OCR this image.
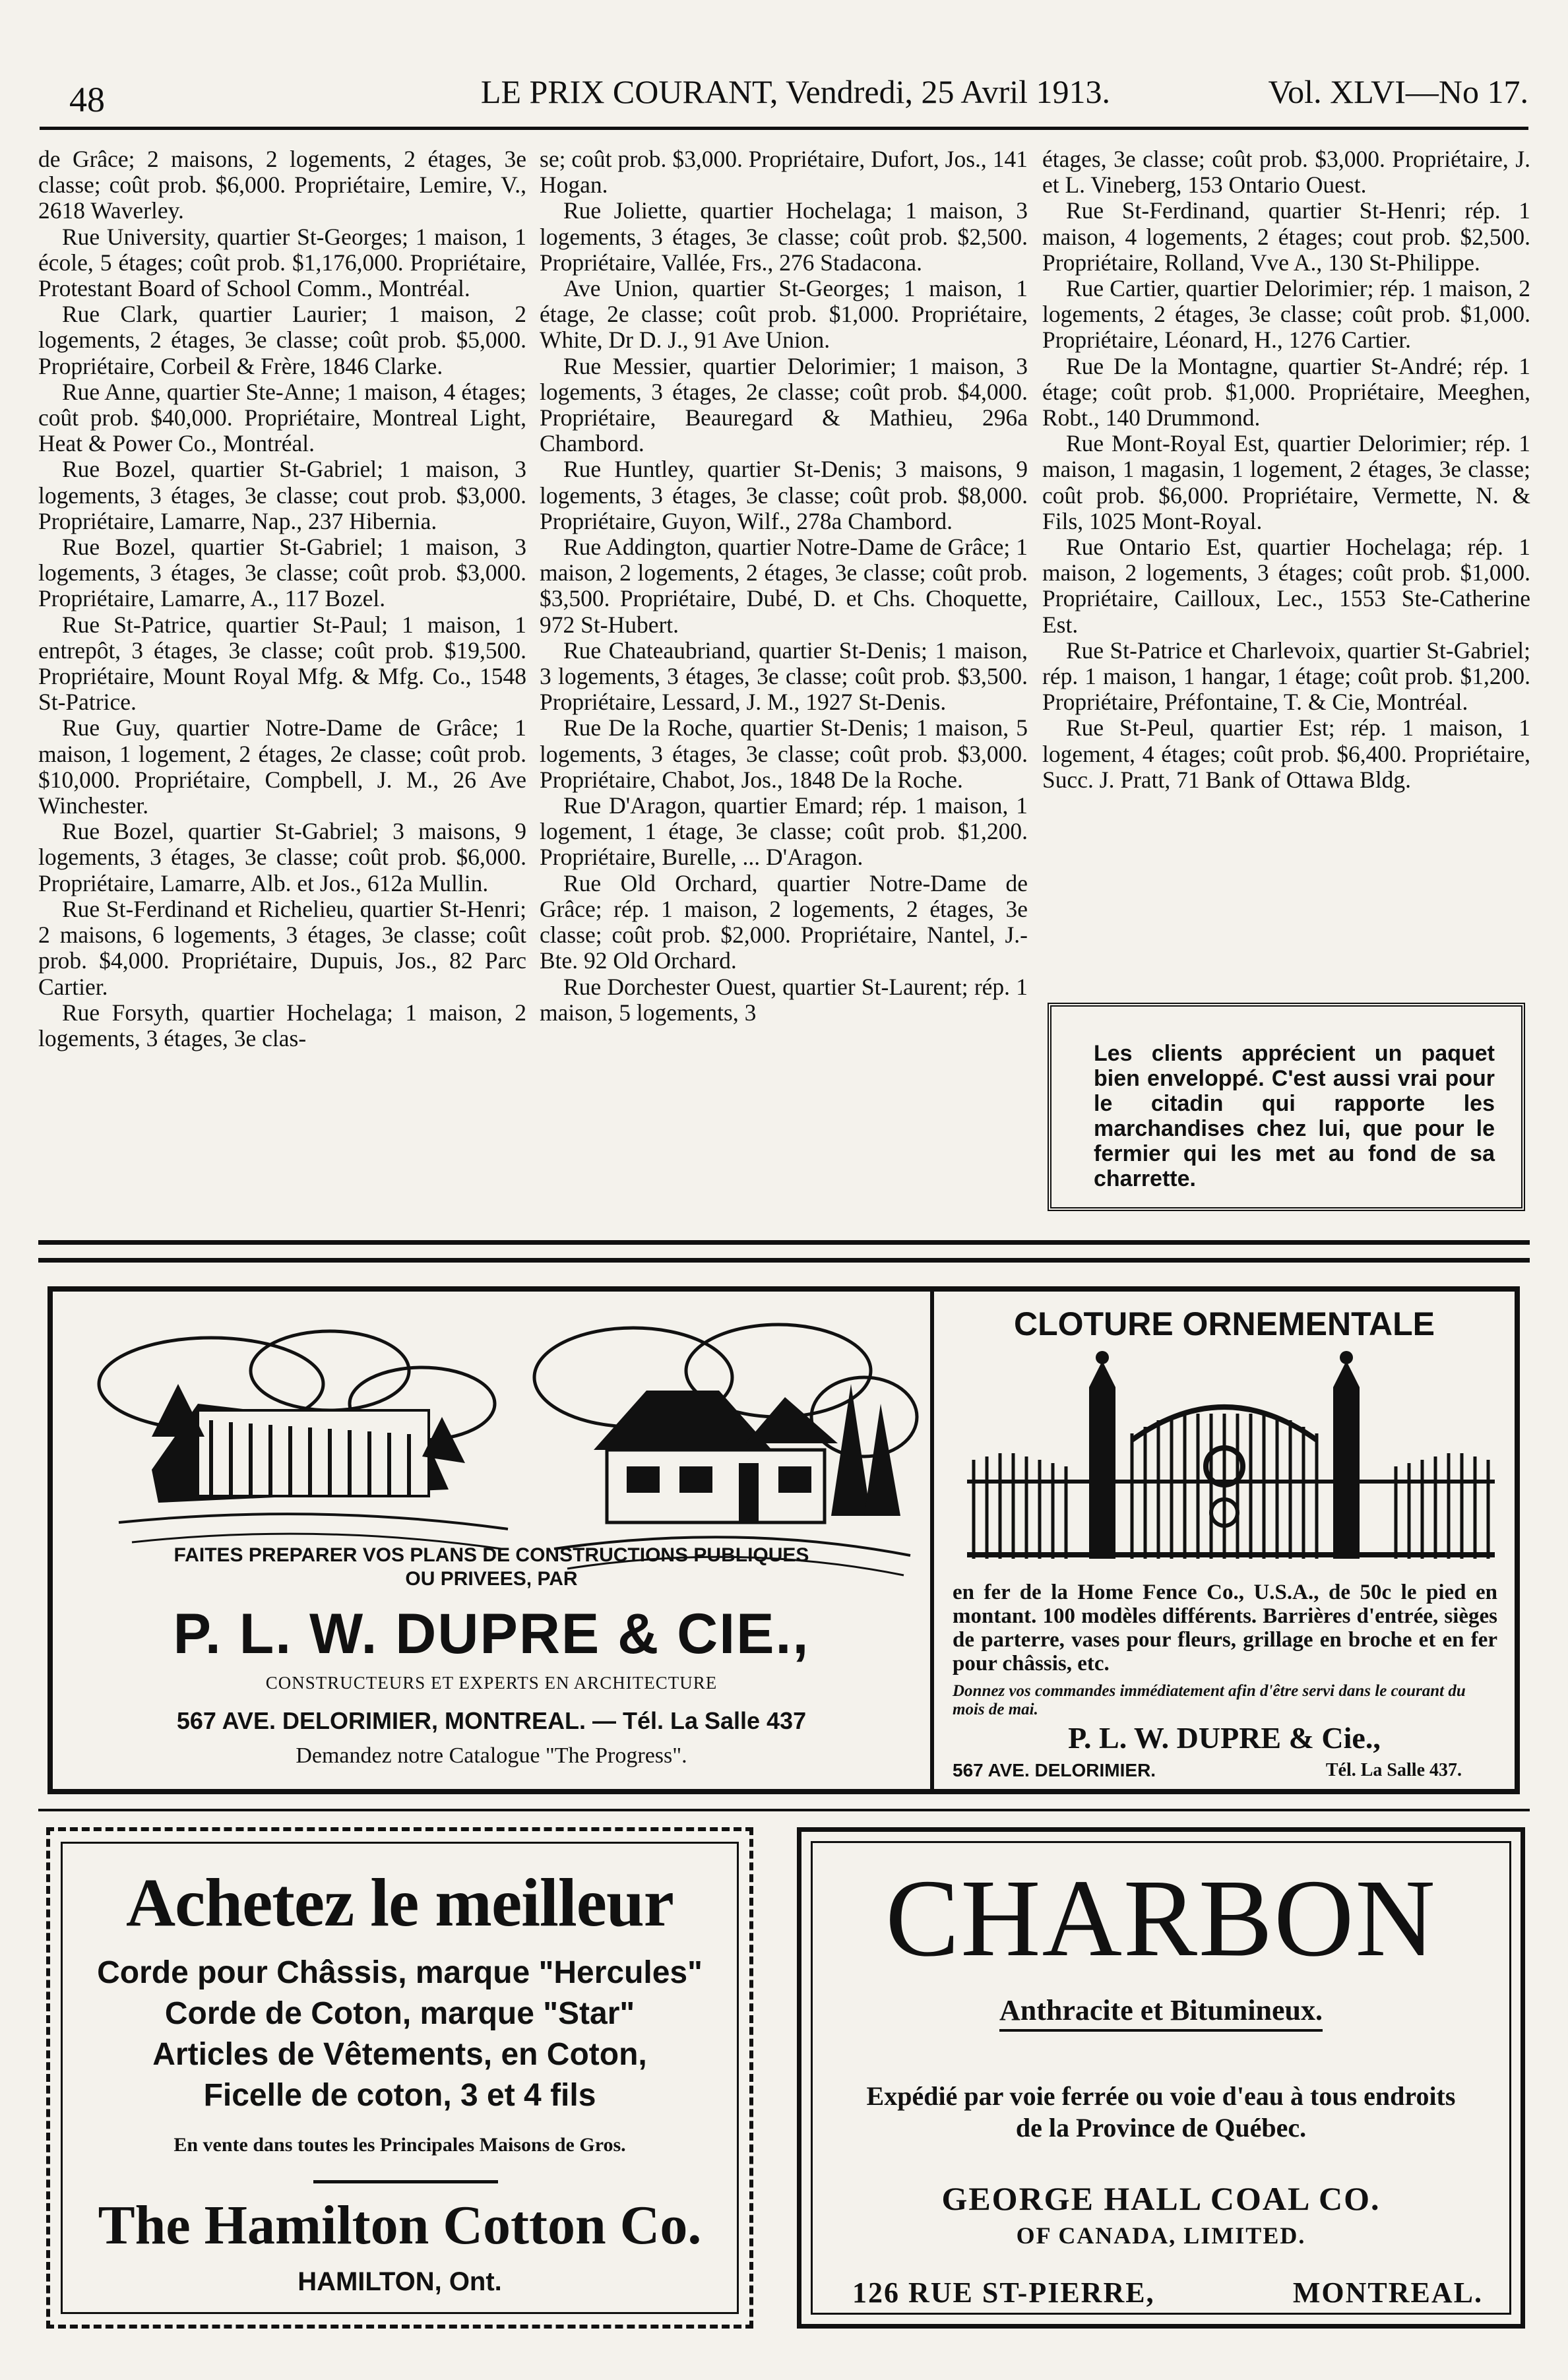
48	LE PRIX COURANT, Vendredi, 25 Avril 1913.	Vol. XLVI—No 17.

de Grâce; 2 maisons, 2 logements, 2 étages, 3e classe; coût prob. $6,000. Propriétaire, Lemire, V., 2618 Waverley.

Rue University, quartier St-Georges; 1 maison, 1 école, 5 étages; coût prob. $1,176,000. Propriétaire, Protestant Board of School Comm., Montréal.

Rue Clark, quartier Laurier; 1 maison, 2 logements, 2 étages, 3e classe; coût prob. $5,000. Propriétaire, Corbeil & Frère, 1846 Clarke.

Rue Anne, quartier Ste-Anne; 1 maison, 4 étages; coût prob. $40,000. Propriétaire, Montreal Light, Heat & Power Co., Montréal.

Rue Bozel, quartier St-Gabriel; 1 maison, 3 logements, 3 étages, 3e classe; cout prob. $3,000. Propriétaire, Lamarre, Nap., 237 Hibernia.

Rue Bozel, quartier St-Gabriel; 1 maison, 3 logements, 3 étages, 3e classe; coût prob. $3,000. Propriétaire, Lamarre, A., 117 Bozel.

Rue St-Patrice, quartier St-Paul; 1 maison, 1 entrepôt, 3 étages, 3e classe; coût prob. $19,500. Propriétaire, Mount Royal Mfg. & Mfg. Co., 1548 St-Patrice.

Rue Guy, quartier Notre-Dame de Grâce; 1 maison, 1 logement, 2 étages, 2e classe; coût prob. $10,000. Propriétaire, Compbell, J. M., 26 Ave Winchester.

Rue Bozel, quartier St-Gabriel; 3 maisons, 9 logements, 3 étages, 3e classe; coût prob. $6,000. Propriétaire, Lamarre, Alb. et Jos., 612a Mullin.

Rue St-Ferdinand et Richelieu, quartier St-Henri; 2 maisons, 6 logements, 3 étages, 3e classe; coût prob. $4,000. Propriétaire, Dupuis, Jos., 82 Parc Cartier.

Rue Forsyth, quartier Hochelaga; 1 maison, 2 logements, 3 étages, 3e clas-

se; coût prob. $3,000. Propriétaire, Dufort, Jos., 141 Hogan.

Rue Joliette, quartier Hochelaga; 1 maison, 3 logements, 3 étages, 3e classe; coût prob. $2,500. Propriétaire, Vallée, Frs., 276 Stadacona.

Ave Union, quartier St-Georges; 1 maison, 1 étage, 2e classe; coût prob. $1,000. Propriétaire, White, Dr D. J., 91 Ave Union.

Rue Messier, quartier Delorimier; 1 maison, 3 logements, 3 étages, 2e classe; coût prob. $4,000. Propriétaire, Beauregard & Mathieu, 296a Chambord.

Rue Huntley, quartier St-Denis; 3 maisons, 9 logements, 3 étages, 3e classe; coût prob. $8,000. Propriétaire, Guyon, Wilf., 278a Chambord.

Rue Addington, quartier Notre-Dame de Grâce; 1 maison, 2 logements, 2 étages, 3e classe; coût prob. $3,500. Propriétaire, Dubé, D. et Chs. Choquette, 972 St-Hubert.

Rue Chateaubriand, quartier St-Denis; 1 maison, 3 logements, 3 étages, 3e classe; coût prob. $3,500. Propriétaire, Lessard, J. M., 1927 St-Denis.

Rue De la Roche, quartier St-Denis; 1 maison, 5 logements, 3 étages, 3e classe; coût prob. $3,000. Propriétaire, Chabot, Jos., 1848 De la Roche.

Rue D'Aragon, quartier Emard; rép. 1 maison, 1 logement, 1 étage, 3e classe; coût prob. $1,200. Propriétaire, Burelle, ... D'Aragon.

Rue Old Orchard, quartier Notre-Dame de Grâce; rép. 1 maison, 2 logements, 2 étages, 3e classe; coût prob. $2,000. Propriétaire, Nantel, J.-Bte. 92 Old Orchard.

Rue Dorchester Ouest, quartier St-Laurent; rép. 1 maison, 5 logements, 3

étages, 3e classe; coût prob. $3,000. Propriétaire, J. et L. Vineberg, 153 Ontario Ouest.

Rue St-Ferdinand, quartier St-Henri; rép. 1 maison, 4 logements, 2 étages; cout prob. $2,500. Propriétaire, Rolland, Vve A., 130 St-Philippe.

Rue Cartier, quartier Delorimier; rép. 1 maison, 2 logements, 2 étages, 3e classe; coût prob. $1,000. Propriétaire, Léonard, H., 1276 Cartier.

Rue De la Montagne, quartier St-André; rép. 1 étage; coût prob. $1,000. Propriétaire, Meeghen, Robt., 140 Drummond.

Rue Mont-Royal Est, quartier Delorimier; rép. 1 maison, 1 magasin, 1 logement, 2 étages, 3e classe; coût prob. $6,000. Propriétaire, Vermette, N. & Fils, 1025 Mont-Royal.

Rue Ontario Est, quartier Hochelaga; rép. 1 maison, 2 logements, 3 étages; coût prob. $1,000. Propriétaire, Cailloux, Lec., 1553 Ste-Catherine Est.

Rue St-Patrice et Charlevoix, quartier St-Gabriel; rép. 1 maison, 1 hangar, 1 étage; coût prob. $1,200. Propriétaire, Préfontaine, T. & Cie, Montréal.

Rue St-Peul, quartier Est; rép. 1 maison, 1 logement, 4 étages; coût prob. $6,400. Propriétaire, Succ. J. Pratt, 71 Bank of Ottawa Bldg.

Les clients apprécient un paquet bien enveloppé. C'est aussi vrai pour le citadin qui rapporte les marchandises chez lui, que pour le fermier qui les met au fond de sa charrette.
FAITES PREPARER VOS PLANS DE CONSTRUCTIONS PUBLIQUES
OU PRIVEES, PAR
P. L. W. DUPRE & CIE.,
CONSTRUCTEURS ET EXPERTS EN ARCHITECTURE
567 AVE. DELORIMIER, MONTREAL. — Tél. La Salle 437
Demandez notre Catalogue "The Progress".
CLOTURE ORNEMENTALE
en fer de la Home Fence Co., U.S.A., de 50c le pied en montant. 100 modèles différents. Barrières d'entrée, sièges de parterre, vases pour fleurs, grillage en broche et en fer pour châssis, etc.
Donnez vos commandes immédiatement afin d'être servi dans le courant du mois de mai.
P. L. W. DUPRE & Cie.,
567 AVE. DELORIMIER.	Tél. La Salle 437.
Achetez le meilleur
Corde pour Châssis, marque "Hercules"
Corde de Coton, marque "Star"
Articles de Vêtements, en Coton,
Ficelle de coton, 3 et 4 fils
En vente dans toutes les Principales Maisons de Gros.
The Hamilton Cotton Co.
HAMILTON, Ont.
CHARBON
Anthracite et Bitumineux.
Expédié par voie ferrée ou voie d'eau à tous endroits de la Province de Québec.
GEORGE HALL COAL CO.
OF CANADA, LIMITED.
126 RUE ST-PIERRE,	MONTREAL.
